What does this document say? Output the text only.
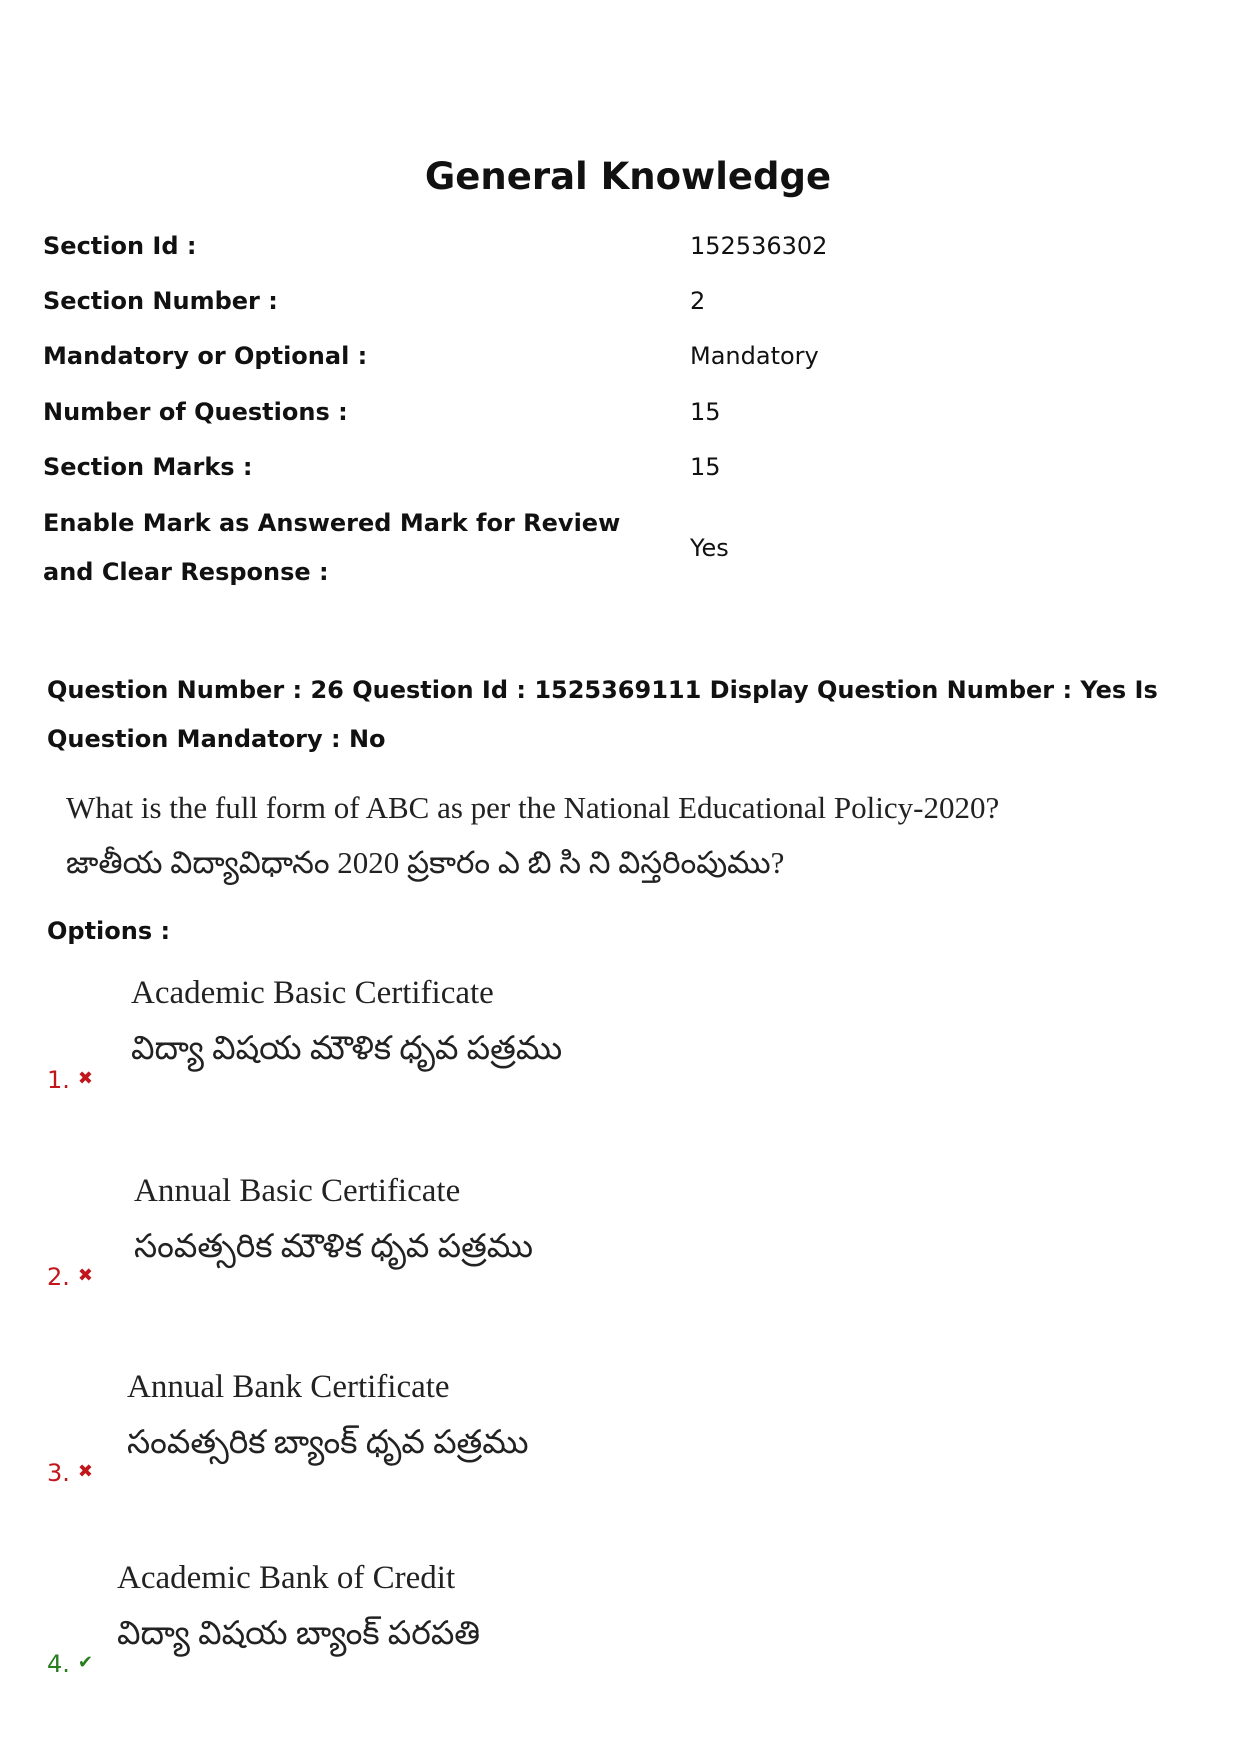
General Knowledge
Section Id :	152536302
Section Number :	2
Mandatory or Optional :	Mandatory
Number of Questions :	15
Section Marks :	15
Enable Mark as Answered Mark for Review and Clear Response :
Yes
Question Number : 26 Question Id : 1525369111 Display Question Number : Yes Is Question Mandatory : No
What is the full form of ABC as per the National Educational Policy-2020?
జాతీయ విద్యావిధానం 2020 ప్రకారం ఎ బి సి ని విస్తరింపుము?
Options :
Academic Basic Certificate
విద్యా విషయ మౌళిక ధృవ పత్రము
1. ✖
Annual Basic Certificate
సంవత్సరిక మౌళిక ధృవ పత్రము
2. ✖
Annual Bank Certificate
సంవత్సరిక బ్యాంక్ ధృవ పత్రము
3. ✖
Academic Bank of Credit
విద్యా విషయ బ్యాంక్ పరపతి
4. ✔
